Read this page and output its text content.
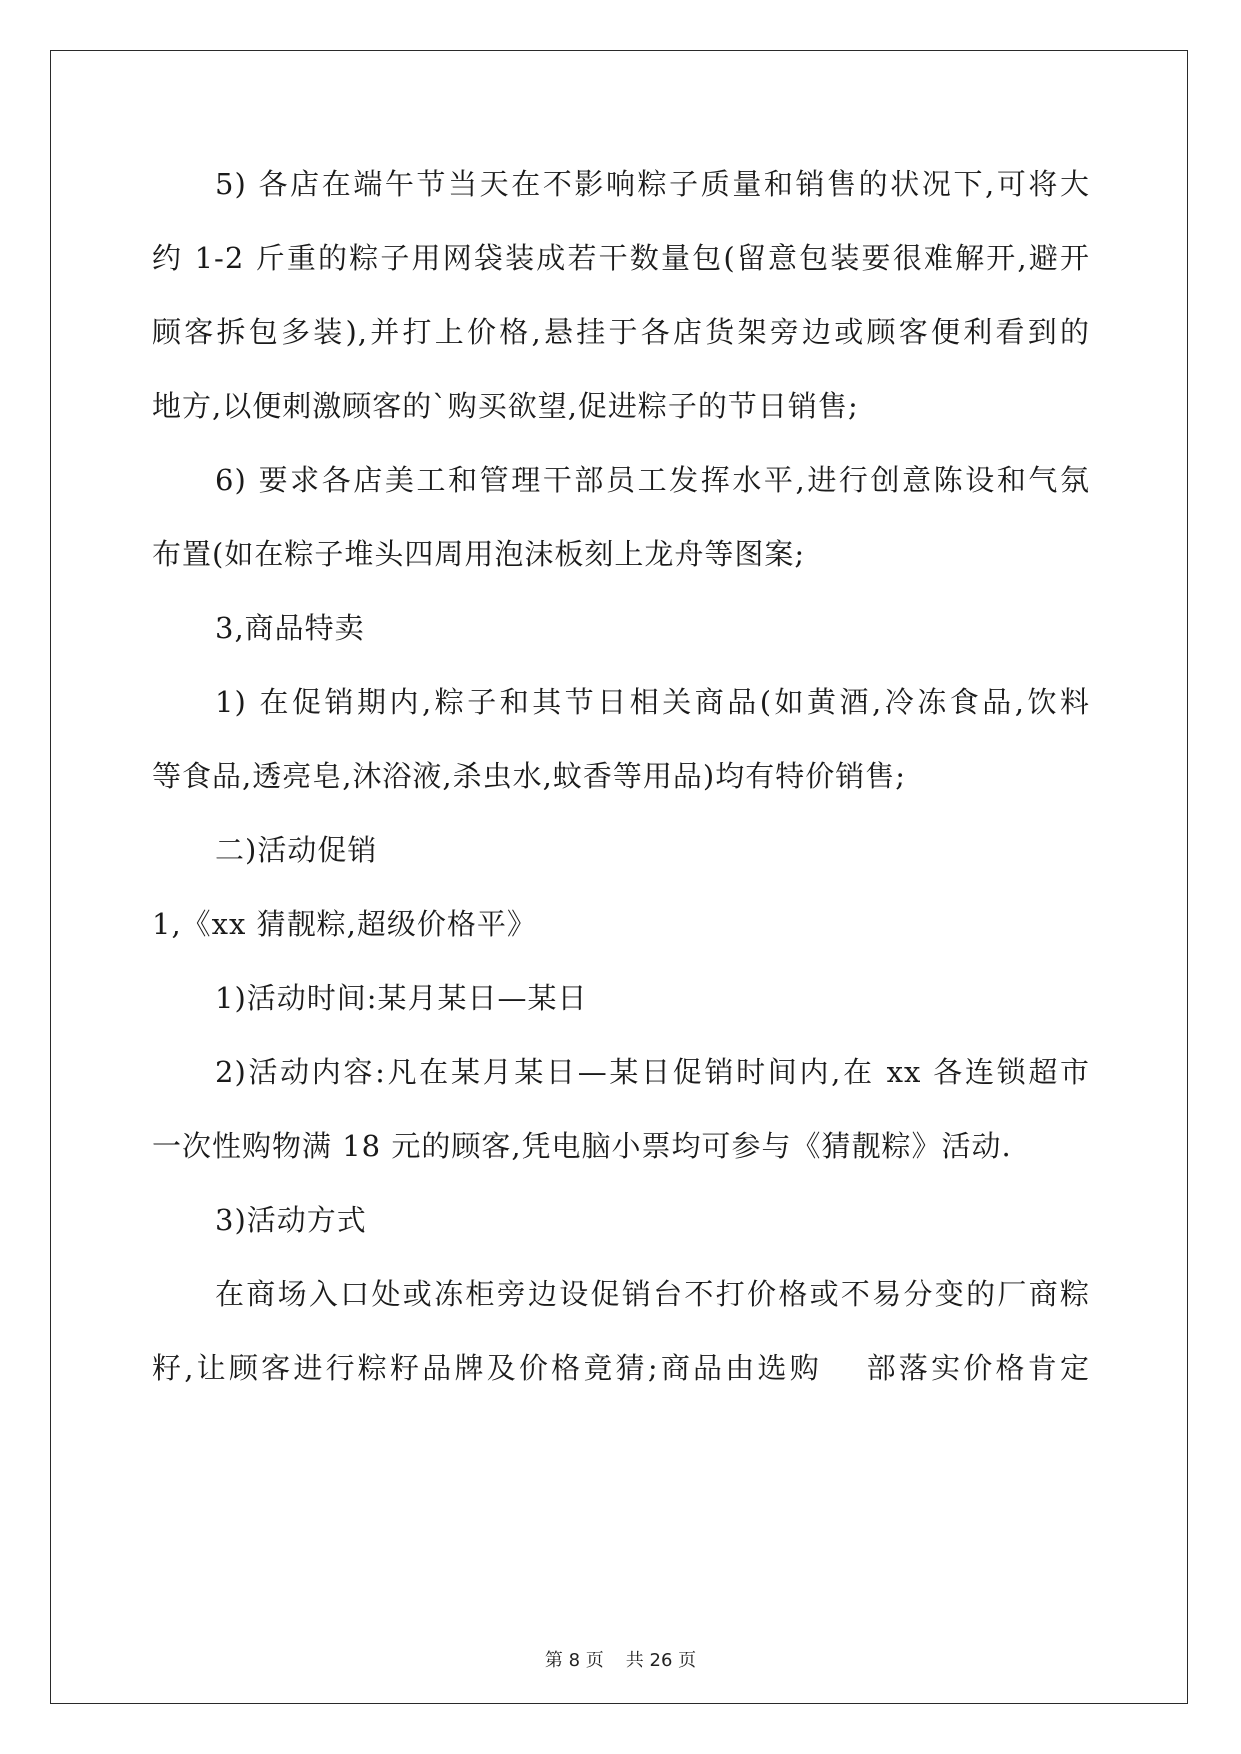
5) 各店在端午节当天在不影响粽子质量和销售的状况下,可将大
约 1-2 斤重的粽子用网袋装成若干数量包(留意包装要很难解开,避开
顾客拆包多装),并打上价格,悬挂于各店货架旁边或顾客便利看到的
地方,以便刺激顾客的`购买欲望,促进粽子的节日销售;
6) 要求各店美工和管理干部员工发挥水平,进行创意陈设和气氛
布置(如在粽子堆头四周用泡沫板刻上龙舟等图案;
3,商品特卖
1) 在促销期内,粽子和其节日相关商品(如黄酒,冷冻食品,饮料
等食品,透亮皂,沐浴液,杀虫水,蚊香等用品)均有特价销售;
二)活动促销
1,《xx 猜靓粽,超级价格平》
1)活动时间:某月某日—某日
2)活动内容:凡在某月某日—某日促销时间内,在 xx 各连锁超市
一次性购物满 18 元的顾客,凭电脑小票均可参与《猜靓粽》活动.
3)活动方式
在商场入口处或冻柜旁边设促销台不打价格或不易分变的厂商粽
籽,让顾客进行粽籽品牌及价格竟猜;商品由选购　 部落实价格肯定
第 8 页 共 26 页
